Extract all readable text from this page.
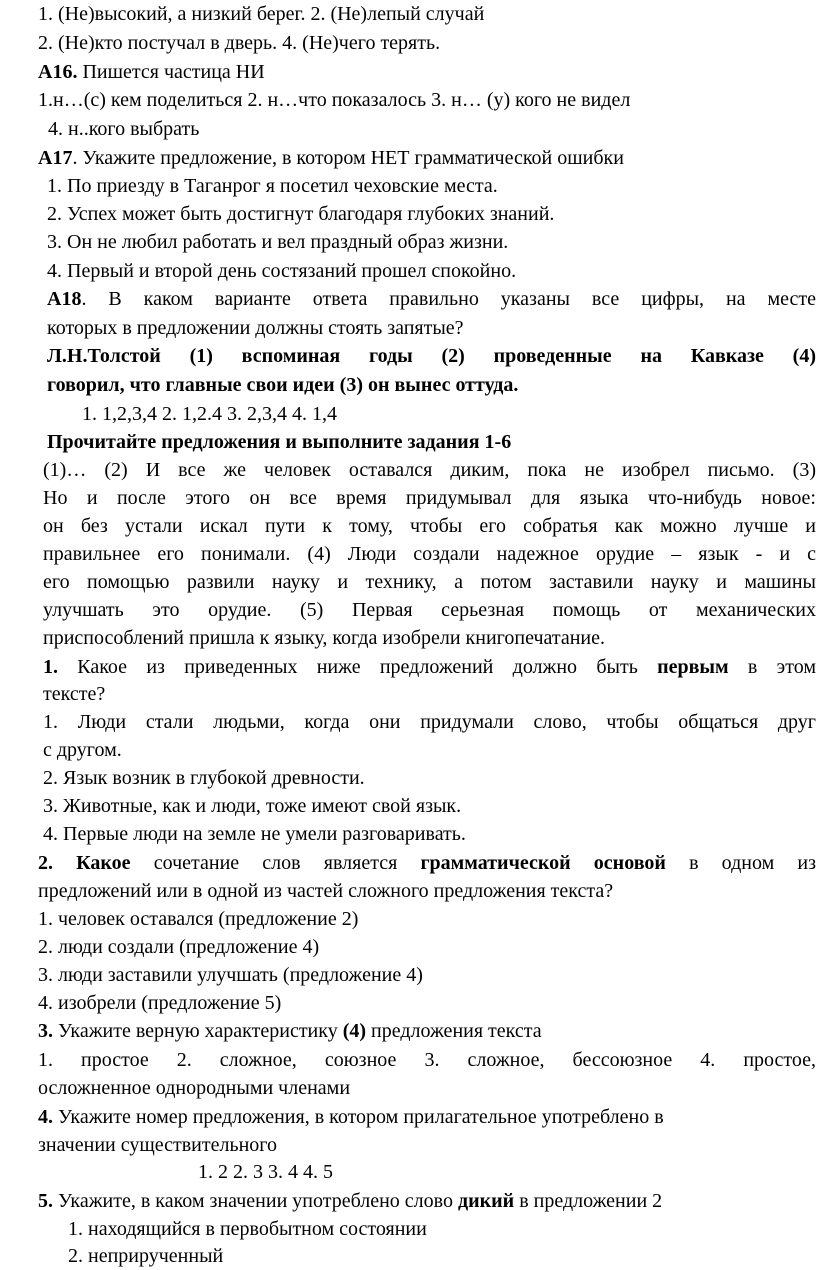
1. (Не)высокий, а низкий берег. 2. (Не)лепый случай
2. (Не)кто постучал в дверь. 4. (Не)чего терять.
А16. Пишется частица НИ
1.н…(с) кем поделиться 2. н…что показалось 3. н… (у) кого не видел
4. н..кого выбрать
А17. Укажите предложение, в котором НЕТ грамматической ошибки
1. По приезду в Таганрог я посетил чеховские места.
2. Успех может быть достигнут благодаря глубоких знаний.
3. Он не любил работать и вел праздный образ жизни.
4. Первый и второй день состязаний прошел спокойно.
А18. В каком варианте ответа правильно указаны все цифры, на месте
которых в предложении должны стоять запятые?
Л.Н.Толстой (1) вспоминая годы (2) проведенные на Кавказе (4)
говорил, что главные свои идеи (3) он вынес оттуда.
1. 1,2,3,4 2. 1,2.4 3. 2,3,4 4. 1,4
Прочитайте предложения и выполните задания 1-6
(1)… (2) И все же человек оставался диким, пока не изобрел письмо. (3)
Но и после этого он все время придумывал для языка что-нибудь новое:
он без устали искал пути к тому, чтобы его собратья как можно лучше и
правильнее его понимали. (4) Люди создали надежное орудие – язык - и с
его помощью развили науку и технику, а потом заставили науку и машины
улучшать это орудие. (5) Первая серьезная помощь от механических
приспособлений пришла к языку, когда изобрели книгопечатание.
1. Какое из приведенных ниже предложений должно быть первым в этом
тексте?
1. Люди стали людьми, когда они придумали слово, чтобы общаться друг
с другом.
2. Язык возник в глубокой древности.
3. Животные, как и люди, тоже имеют свой язык.
4. Первые люди на земле не умели разговаривать.
2. Какое сочетание слов является грамматической основой в одном из
предложений или в одной из частей сложного предложения текста?
1. человек оставался (предложение 2)
2. люди создали (предложение 4)
3. люди заставили улучшать (предложение 4)
4. изобрели (предложение 5)
3. Укажите верную характеристику (4) предложения текста
1. простое 2. сложное, союзное 3. сложное, бессоюзное 4. простое,
осложненное однородными членами
4. Укажите номер предложения, в котором прилагательное употреблено в
значении существительного
1. 2 2. 3 3. 4 4. 5
5. Укажите, в каком значении употреблено слово дикий в предложении 2
1. находящийся в первобытном состоянии
2. неприрученный
